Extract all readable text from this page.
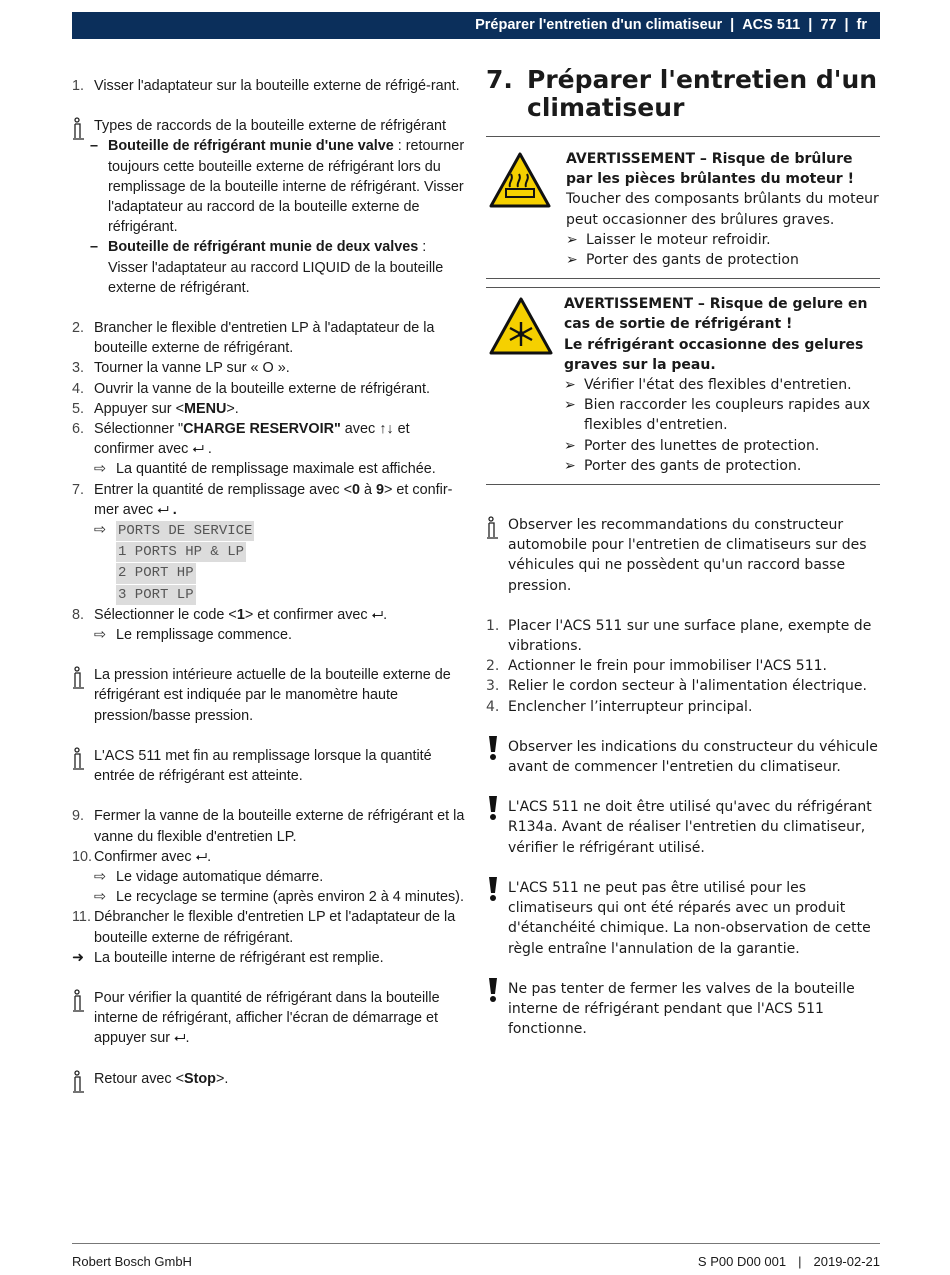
Préparer l'entretien d'un climatiseur | ACS 511 | 77 | fr
1. Visser l'adaptateur sur la bouteille externe de réfrigé-rant.
Types de raccords de la bouteille externe de réfrigérant
– Bouteille de réfrigérant munie d'une valve : retourner toujours cette bouteille externe de réfrigérant lors du remplissage de la bouteille interne de réfrigérant. Visser l'adaptateur au raccord de la bouteille externe de réfrigérant.
– Bouteille de réfrigérant munie de deux valves : Visser l'adaptateur au raccord LIQUID de la bouteille externe de réfrigérant.
2. Brancher le flexible d'entretien LP à l'adaptateur de la bouteille externe de réfrigérant.
3. Tourner la vanne LP sur « O ».
4. Ouvrir la vanne de la bouteille externe de réfrigérant.
5. Appuyer sur <MENU>.
6. Sélectionner "CHARGE RESERVOIR" avec ↑↓ et confirmer avec ⮠ .
⇨ La quantité de remplissage maximale est affichée.
7. Entrer la quantité de remplissage avec <0 à 9> et confir-mer avec ⮠ .
⇨ PORTS DE SERVICE
1 PORTS HP & LP
2 PORT HP
3 PORT LP
8. Sélectionner le code <1> et confirmer avec ⮠.
⇨ Le remplissage commence.
La pression intérieure actuelle de la bouteille externe de réfrigérant est indiquée par le manomètre haute pression/basse pression.
L'ACS 511 met fin au remplissage lorsque la quantité entrée de réfrigérant est atteinte.
9. Fermer la vanne de la bouteille externe de réfrigérant et la vanne du flexible d'entretien LP.
10. Confirmer avec ⮠.
⇨ Le vidage automatique démarre.
⇨ Le recyclage se termine (après environ 2 à 4 minutes).
11. Débrancher le flexible d'entretien LP et l'adaptateur de la bouteille externe de réfrigérant.
➜ La bouteille interne de réfrigérant est remplie.
Pour vérifier la quantité de réfrigérant dans la bouteille interne de réfrigérant, afficher l'écran de démarrage et appuyer sur ⮠.
Retour avec <Stop>.
7. Préparer l'entretien d'un climatiseur
AVERTISSEMENT – Risque de brûlure par les pièces brûlantes du moteur !
Toucher des composants brûlants du moteur peut occasionner des brûlures graves.
➢ Laisser le moteur refroidir.
➢ Porter des gants de protection
AVERTISSEMENT – Risque de gelure en cas de sortie de réfrigérant !
Le réfrigérant occasionne des gelures graves sur la peau.
➢ Vérifier l'état des flexibles d'entretien.
➢ Bien raccorder les coupleurs rapides aux flexibles d'entretien.
➢ Porter des lunettes de protection.
➢ Porter des gants de protection.
Observer les recommandations du constructeur automobile pour l'entretien de climatiseurs sur des véhicules qui ne possèdent qu'un raccord basse pression.
1. Placer l'ACS 511 sur une surface plane, exempte de vibrations.
2. Actionner le frein pour immobiliser l'ACS 511.
3. Relier le cordon secteur à l'alimentation électrique.
4. Enclencher l’interrupteur principal.
Observer les indications du constructeur du véhicule avant de commencer l'entretien du climatiseur.
L'ACS 511 ne doit être utilisé qu'avec du réfrigérant R134a. Avant de réaliser l'entretien du climatiseur, vérifier le réfrigérant utilisé.
L'ACS 511 ne peut pas être utilisé pour les climatiseurs qui ont été réparés avec un produit d'étanchéité chimique. La non-observation de cette règle entraîne l'annulation de la garantie.
Ne pas tenter de fermer les valves de la bouteille interne de réfrigérant pendant que l'ACS 511 fonctionne.
Robert Bosch GmbH	S P00 D00 001 | 2019-02-21
